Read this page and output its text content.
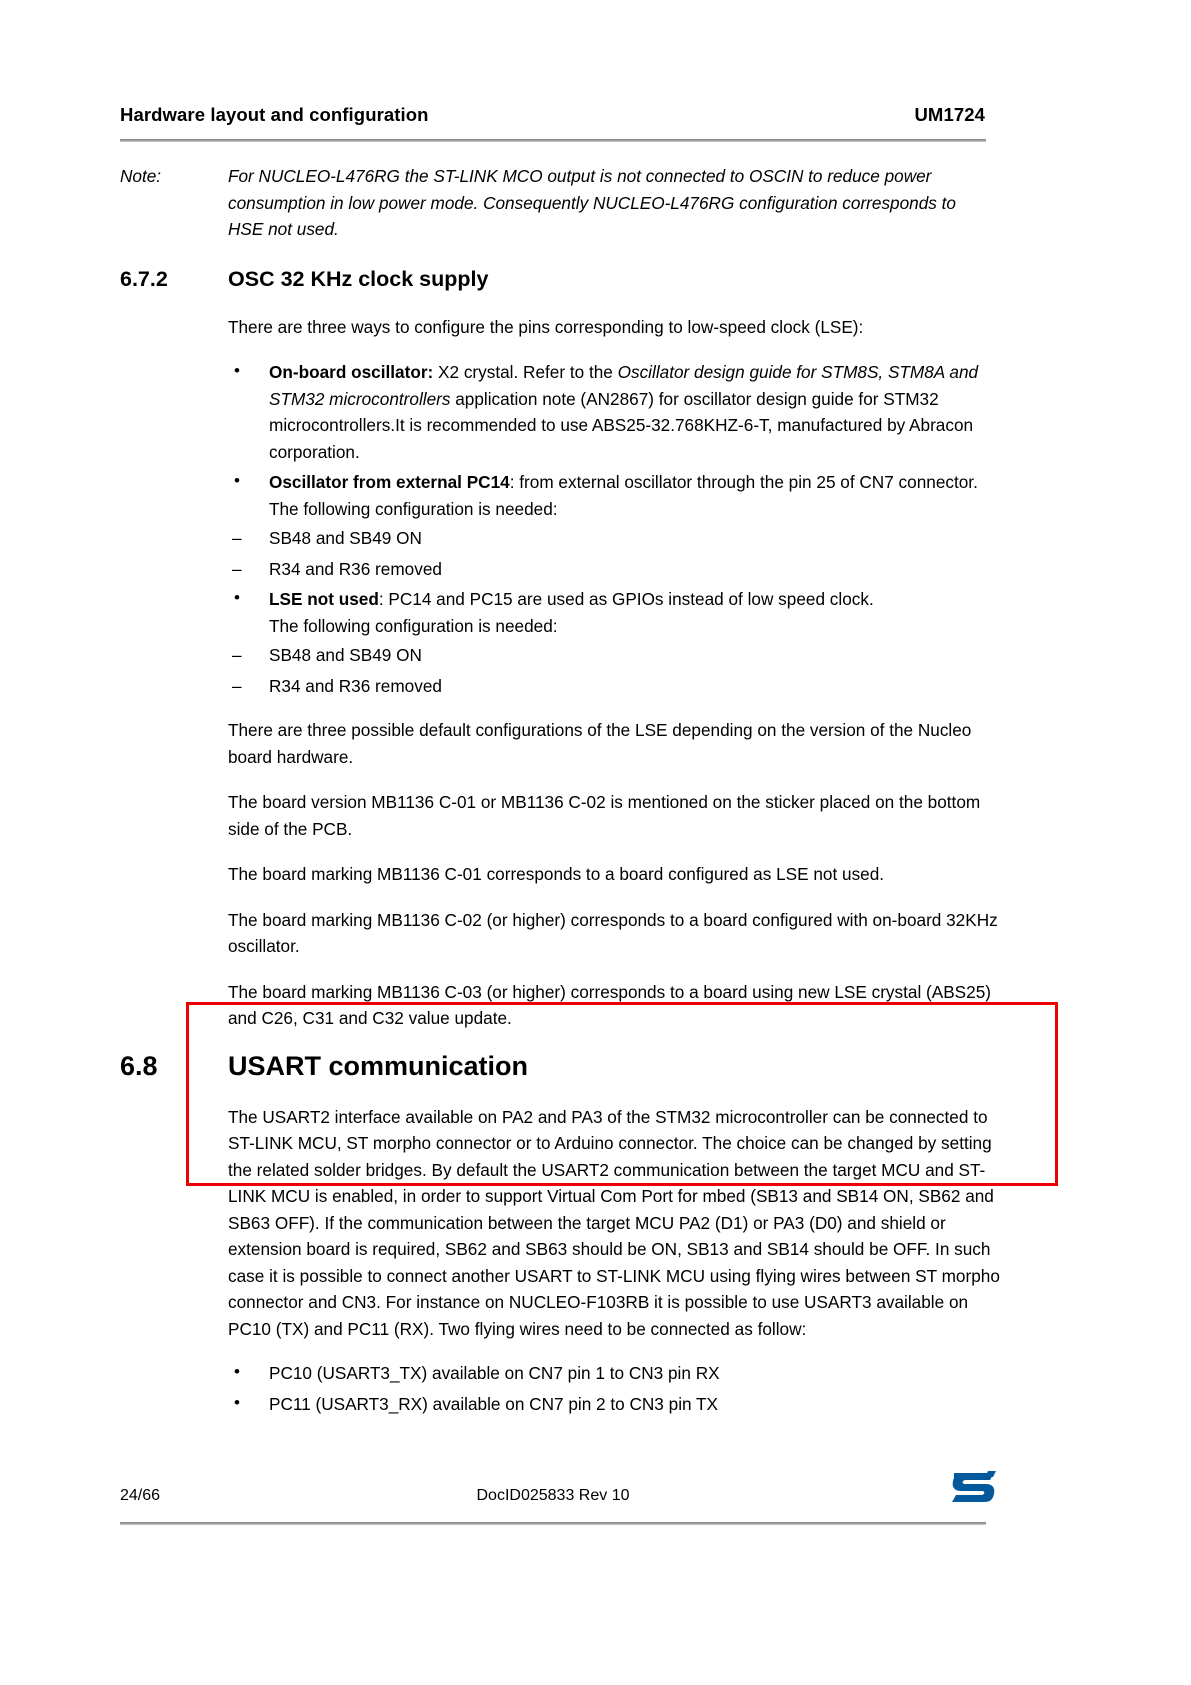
Hardware layout and configuration	UM1724
Note:	For NUCLEO-L476RG the ST-LINK MCO output is not connected to OSCIN to reduce power consumption in low power mode. Consequently NUCLEO-L476RG configuration corresponds to HSE not used.
6.7.2	OSC 32 KHz clock supply

There are three ways to configure the pins corresponding to low-speed clock (LSE):

• On-board oscillator: X2 crystal. Refer to the Oscillator design guide for STM8S, STM8A and STM32 microcontrollers application note (AN2867) for oscillator design guide for STM32 microcontrollers.It is recommended to use ABS25-32.768KHZ-6-T, manufactured by Abracon corporation.
• Oscillator from external PC14: from external oscillator through the pin 25 of CN7 connector.
The following configuration is needed:
– SB48 and SB49 ON
– R34 and R36 removed
• LSE not used: PC14 and PC15 are used as GPIOs instead of low speed clock.
The following configuration is needed:
– SB48 and SB49 ON
– R34 and R36 removed

There are three possible default configurations of the LSE depending on the version of the Nucleo board hardware.

The board version MB1136 C-01 or MB1136 C-02 is mentioned on the sticker placed on the bottom side of the PCB.

The board marking MB1136 C-01 corresponds to a board configured as LSE not used.

The board marking MB1136 C-02 (or higher) corresponds to a board configured with on-board 32KHz oscillator.

The board marking MB1136 C-03 (or higher) corresponds to a board using new LSE crystal (ABS25) and C26, C31 and C32 value update.

6.8	USART communication

The USART2 interface available on PA2 and PA3 of the STM32 microcontroller can be connected to ST-LINK MCU, ST morpho connector or to Arduino connector. The choice can be changed by setting the related solder bridges. By default the USART2 communication between the target MCU and ST-LINK MCU is enabled, in order to support Virtual Com Port for mbed (SB13 and SB14 ON, SB62 and SB63 OFF). If the communication between the target MCU PA2 (D1) or PA3 (D0) and shield or extension board is required, SB62 and SB63 should be ON, SB13 and SB14 should be OFF. In such case it is possible to connect another USART to ST-LINK MCU using flying wires between ST morpho connector and CN3. For instance on NUCLEO-F103RB it is possible to use USART3 available on PC10 (TX) and PC11 (RX). Two flying wires need to be connected as follow:

• PC10 (USART3_TX) available on CN7 pin 1 to CN3 pin RX
• PC11 (USART3_RX) available on CN7 pin 2 to CN3 pin TX
DocID025833 Rev 10
24/66
